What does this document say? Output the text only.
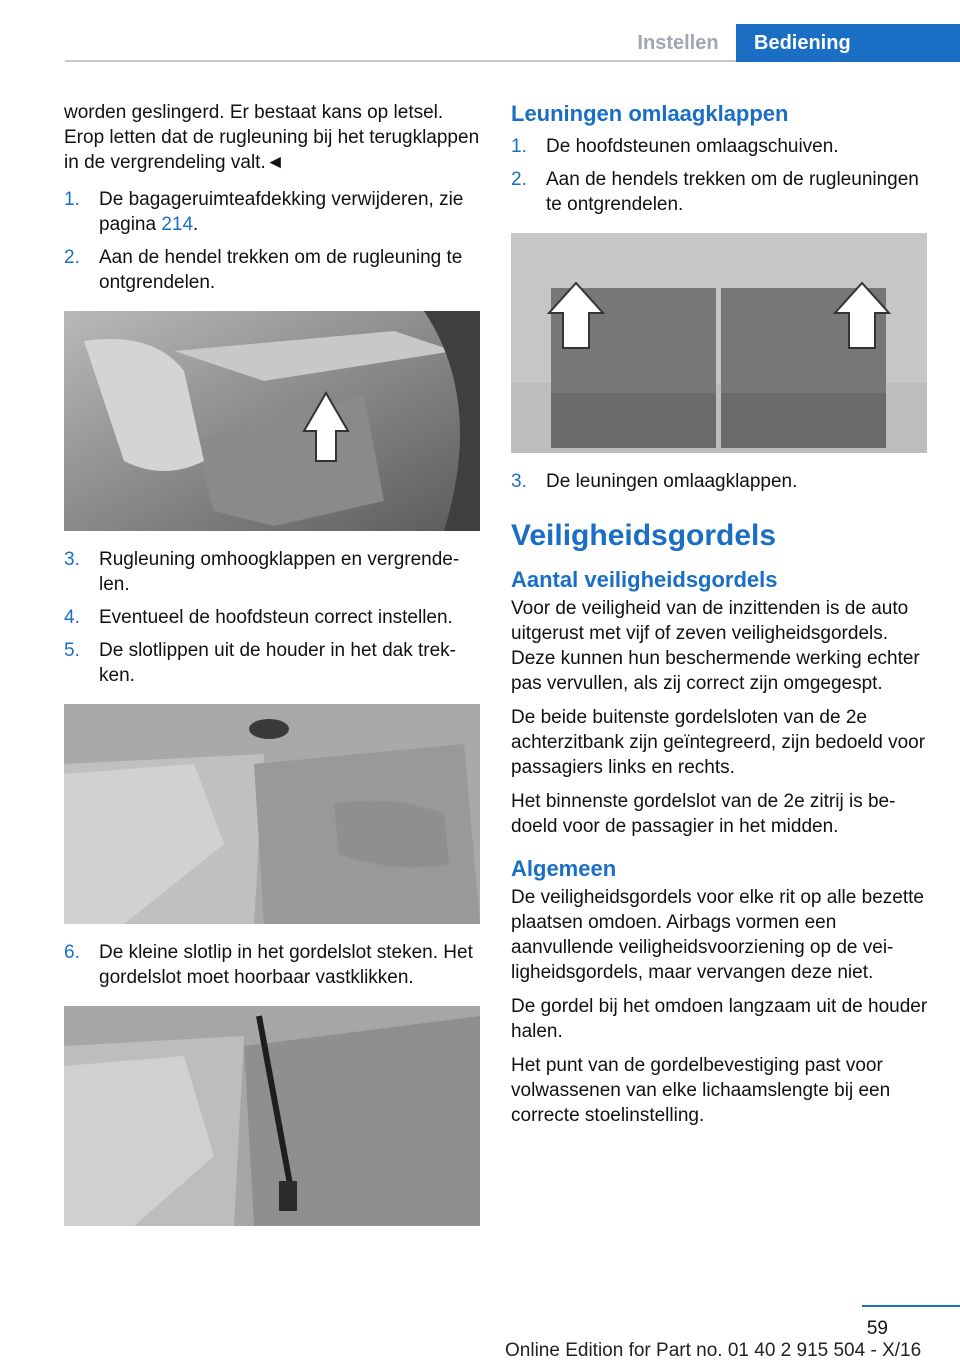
Instellen	Bediening

worden geslingerd. Er bestaat kans op letsel. Erop letten dat de rugleuning bij het terugklappen in de vergrendeling valt.◄

1. De bagageruimteafdekking verwijderen, zie pagina 214.
2. Aan de hendel trekken om de rugleuning te ontgrendelen.
3. Rugleuning omhoogklappen en vergrendelen.
4. Eventueel de hoofdsteun correct instellen.
5. De slotlippen uit de houder in het dak trekken.
6. De kleine slotlip in het gordelslot steken. Het gordelslot moet hoorbaar vastklikken.
Leuningen omlaagklappen
1. De hoofdsteunen omlaagschuiven.
2. Aan de hendels trekken om de rugleuningen te ontgrendelen.
3. De leuningen omlaagklappen.
Veiligheidsgordels
Aantal veiligheidsgordels

Voor de veiligheid van de inzittenden is de auto uitgerust met vijf of zeven veiligheidsgordels. Deze kunnen hun beschermende werking echter pas vervullen, als zij correct zijn omgegespt.

De beide buitenste gordelsloten van de 2e achterzitbank zijn geïntegreerd, zijn bedoeld voor passagiers links en rechts.

Het binnenste gordelslot van de 2e zitrij is bedoeld voor de passagier in het midden.

Algemeen

De veiligheidsgordels voor elke rit op alle bezette plaatsen omdoen. Airbags vormen een aanvullende veiligheidsvoorziening op de veiligheidsgordels, maar vervangen deze niet.

De gordel bij het omdoen langzaam uit de houder halen.

Het punt van de gordelbevestiging past voor volwassenen van elke lichaamslengte bij een correcte stoelinstelling.

59
Online Edition for Part no. 01 40 2 915 504 - X/16
